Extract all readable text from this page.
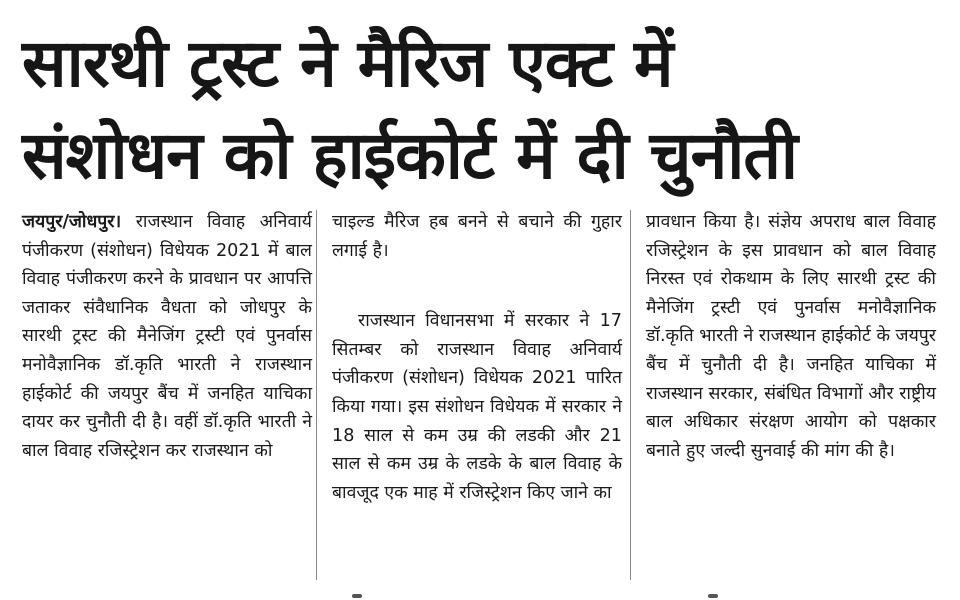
सारथी ट्रस्ट ने मैरिज एक्ट में
संशोधन को हाईकोर्ट में दी चुनौती

जयपुर/जोधपुर। राजस्थान विवाह अनिवार्य पंजीकरण (संशोधन) विधेयक 2021 में बाल विवाह पंजीकरण करने के प्रावधान पर आपत्ति जताकर संवैधानिक वैधता को जोधपुर के सारथी ट्रस्ट की मैनेजिंग ट्रस्टी एवं पुनर्वास मनोवैज्ञानिक डॉ.कृति भारती ने राजस्थान हाईकोर्ट की जयपुर बैंच में जनहित याचिका दायर कर चुनौती दी है। वहीं डॉ.कृति भारती ने बाल विवाह रजिस्ट्रेशन कर राजस्थान को

चाइल्ड मैरिज हब बनने से बचाने की गुहार लगाई है।

राजस्थान विधानसभा में सरकार ने 17 सितम्बर को राजस्थान विवाह अनिवार्य पंजीकरण (संशोधन) विधेयक 2021 पारित किया गया। इस संशोधन विधेयक में सरकार ने 18 साल से कम उम्र की लडकी और 21 साल से कम उम्र के लडके के बाल विवाह के बावजूद एक माह में रजिस्ट्रेशन किए जाने का

प्रावधान किया है। संज्ञेय अपराध बाल विवाह रजिस्ट्रेशन के इस प्रावधान को बाल विवाह निरस्त एवं रोकथाम के लिए सारथी ट्रस्ट की मैनेजिंग ट्रस्टी एवं पुनर्वास मनोवैज्ञानिक डॉ.कृति भारती ने राजस्थान हाईकोर्ट के जयपुर बैंच में चुनौती दी है। जनहित याचिका में राजस्थान सरकार, संबंधित विभागों और राष्ट्रीय बाल अधिकार संरक्षण आयोग को पक्षकार बनाते हुए जल्दी सुनवाई की मांग की है।
